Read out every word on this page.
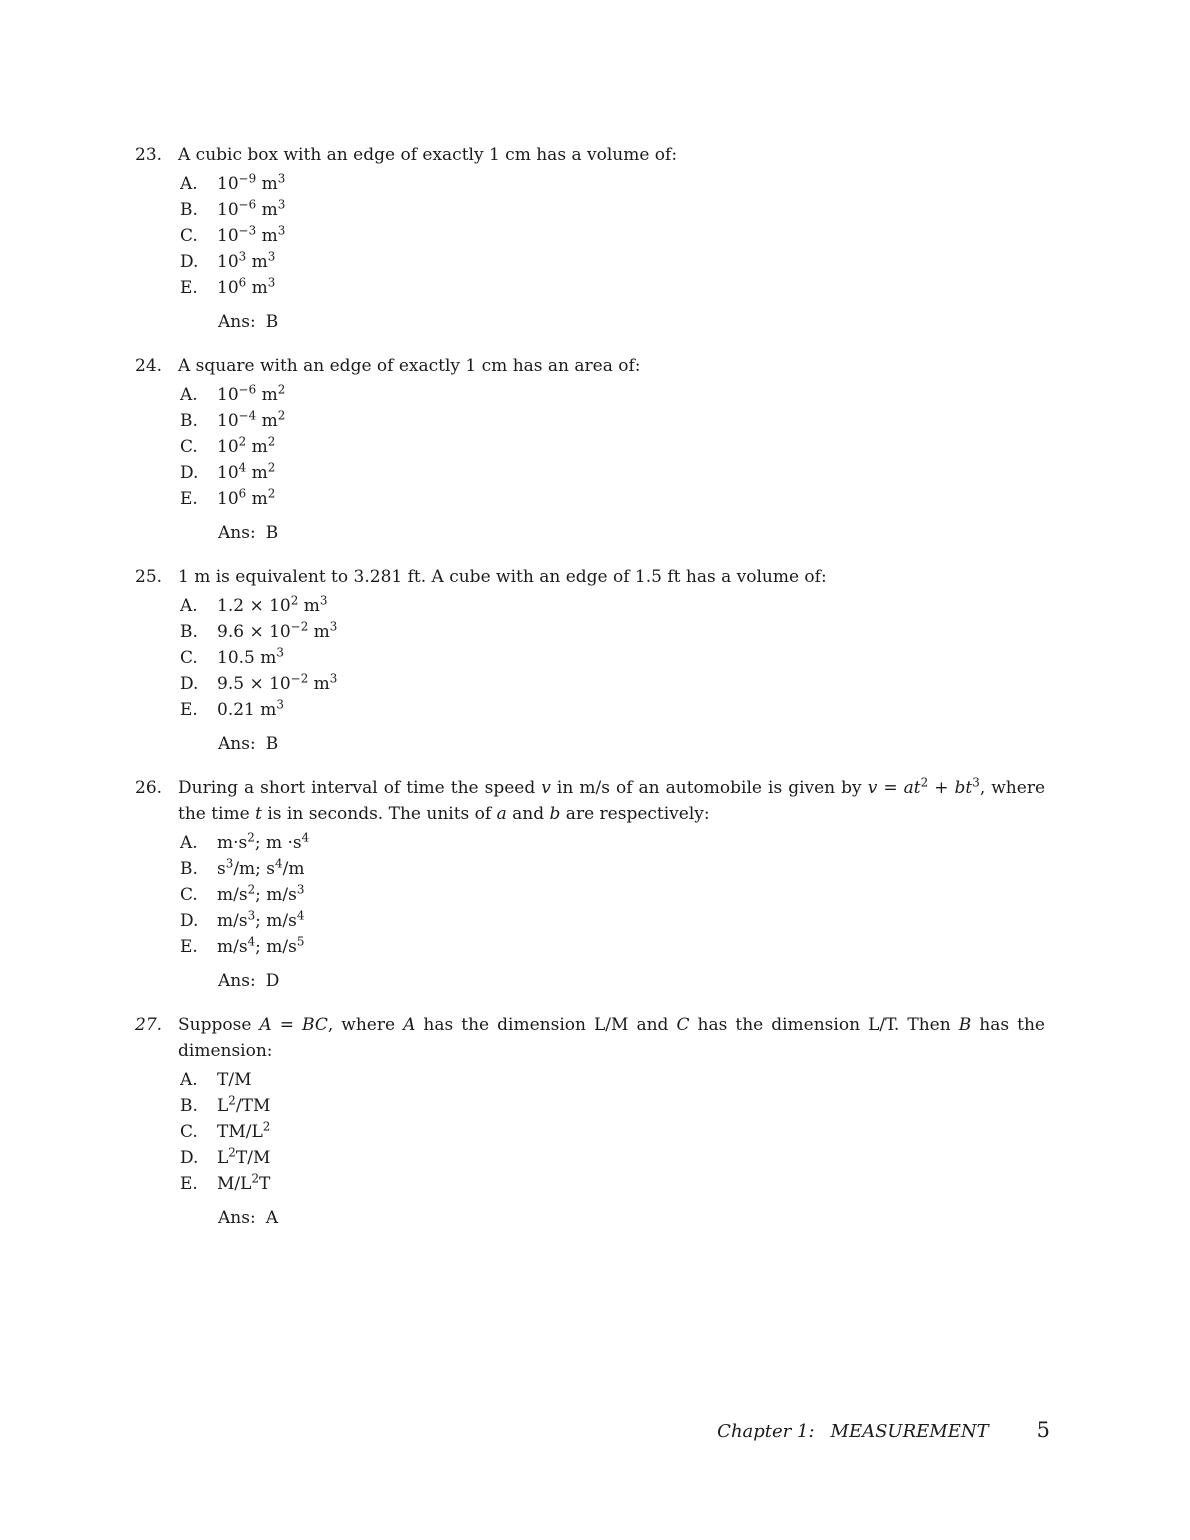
23. A cubic box with an edge of exactly 1 cm has a volume of:

A.	$10^{-9}$ $m^3$
B.	$10^{-6}$ $m^3$
C.	$10^{-3}$ $m^3$
D.	$10^3$ $m^3$
E.	$10^6$ $m^3$

Ans: B

24. A square with an edge of exactly 1 cm has an area of:

A.	$10^{-6}$ $m^2$
B.	$10^{-4}$ $m^2$
C.	$10^2$ $m^2$
D.	$10^4$ $m^2$
E.	$10^6$ $m^2$

Ans: B

25. 1 m is equivalent to 3.281 ft. A cube with an edge of 1.5 ft has a volume of:

A.	$1.2 \times 10^2$ $m^3$
B.	$9.6 \times 10^{-2}$ $m^3$
C.	10.5 $m^3$
D.	$9.5 \times 10^{-2}$ $m^3$
E.	0.21 $m^3$

Ans: B

26. During a short interval of time the speed v in m/s of an automobile is given by $v = at^2 + bt^3$, where the time t is in seconds. The units of a and b are respectively:

A.	$m\cdot s^2$; $m \cdot s^4$
B.	$s^3/m$; $s^4/m$
C.	$m/s^2$; $m/s^3$
D.	$m/s^3$; $m/s^4$
E.	$m/s^4$; $m/s^5$

Ans: D

27. Suppose A = BC, where A has the dimension L/M and C has the dimension L/T. Then B has the dimension:

A.	T/M
B.	$L^2/TM$
C.	$TM/L^2$
D.	$L^2T/M$
E.	$M/L^2T$

Ans: A

Chapter 1: MEASUREMENT 5
